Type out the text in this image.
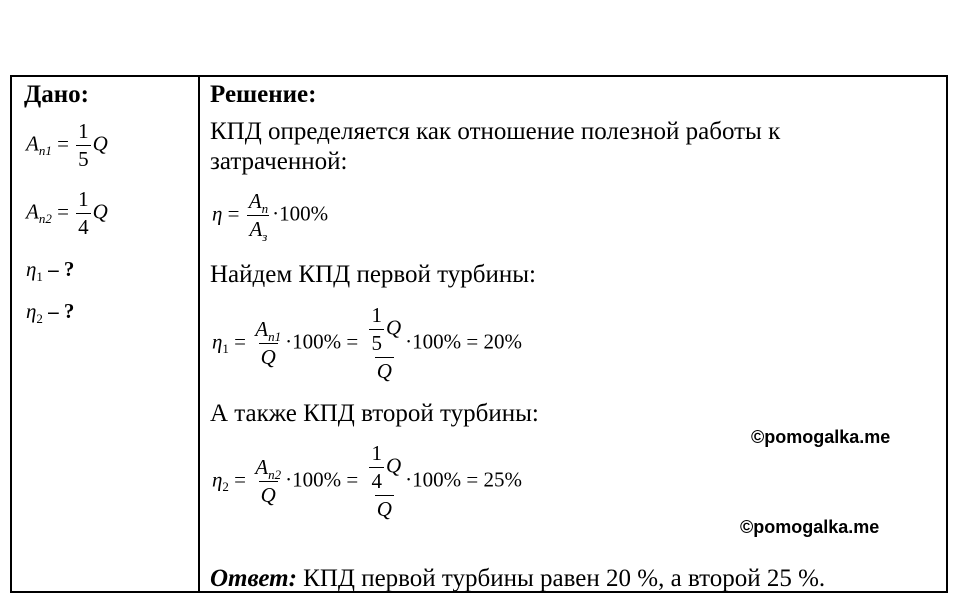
Дано:
$A_{п1} = \frac{1}{5}$ Q
$A_{п2} = \frac{1}{4}$ Q
$\eta_1$ – ?
$\eta_2$ – ?
Решение:
КПД определяется как отношение полезной работы к
затраченной:
$\eta = \frac{A_п}{A_з} \cdot 100\%$
Найдем КПД первой турбины:
$\eta_1 = \frac{A_{п1}}{Q} \cdot 100\% = \frac{\frac{1}{5} Q}{Q} \cdot 100\% = 20\%$
А также КПД второй турбины:
$\eta_2 = \frac{A_{п2}}{Q} \cdot 100\% = \frac{\frac{1}{4} Q}{Q} \cdot 100\% = 25\%$
Ответ: КПД первой турбины равен 20 %, а второй 25 %.
©pomogalka.me
©pomogalka.me
